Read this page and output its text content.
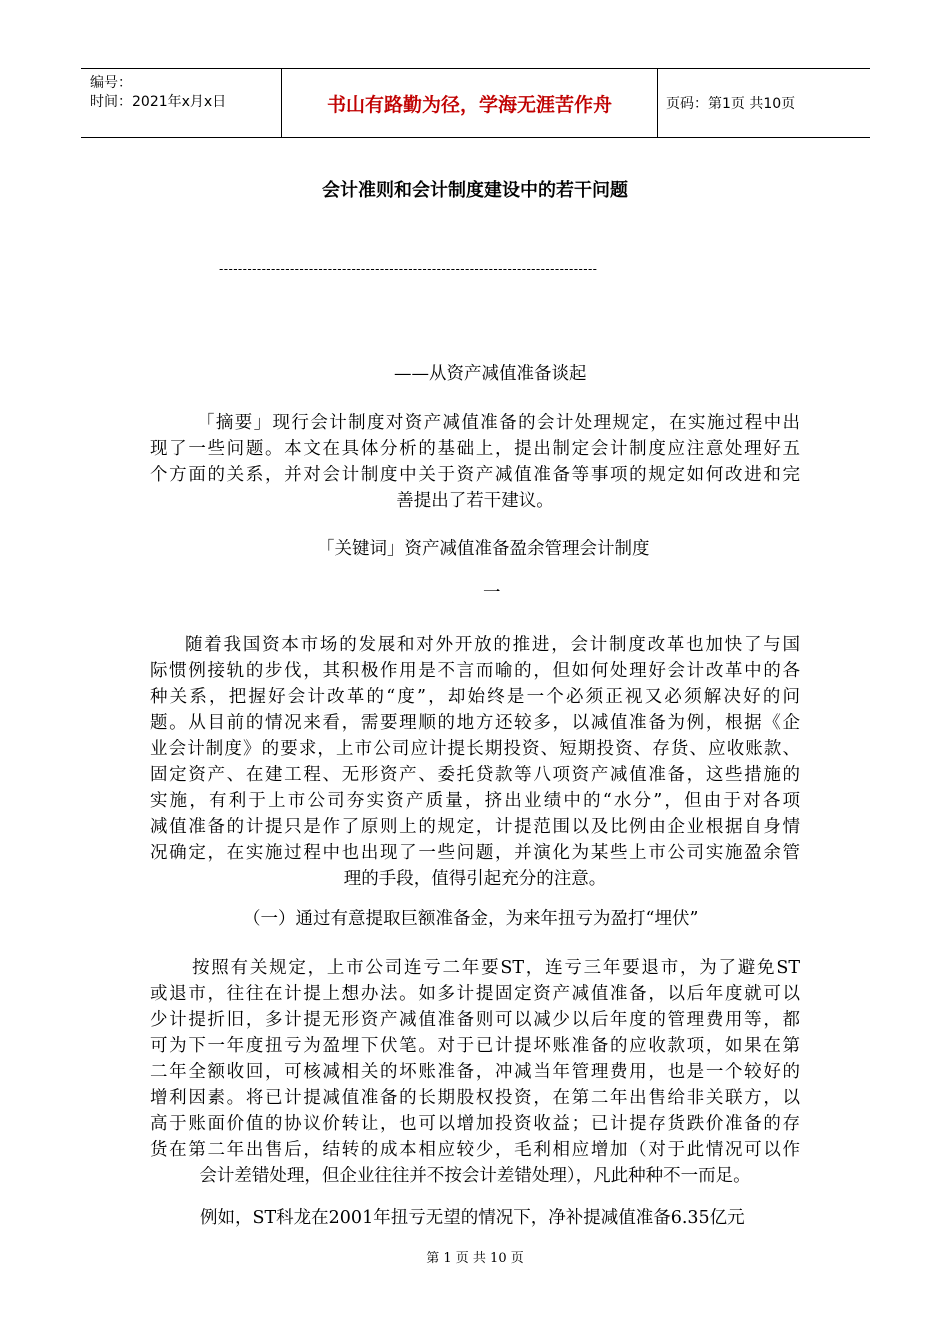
编号：
时间：2021年x月x日	书山有路勤为径，学海无涯苦作舟	页码：第1页 共10页
会计准则和会计制度建设中的若干问题
--------------------------------------------------------------------------------
——从资产减值准备谈起
「摘要」现行会计制度对资产减值准备的会计处理规定，在实施过程中出
现了一些问题。本文在具体分析的基础上，提出制定会计制度应注意处理好五
个方面的关系，并对会计制度中关于资产减值准备等事项的规定如何改进和完
善提出了若干建议。
「关键词」资产减值准备盈余管理会计制度
一
随着我国资本市场的发展和对外开放的推进，会计制度改革也加快了与国
际惯例接轨的步伐，其积极作用是不言而喻的，但如何处理好会计改革中的各
种关系，把握好会计改革的“度”，却始终是一个必须正视又必须解决好的问
题。从目前的情况来看，需要理顺的地方还较多，以减值准备为例，根据《企
业会计制度》的要求，上市公司应计提长期投资、短期投资、存货、应收账款、
固定资产、在建工程、无形资产、委托贷款等八项资产减值准备，这些措施的
实施，有利于上市公司夯实资产质量，挤出业绩中的“水分”，但由于对各项
减值准备的计提只是作了原则上的规定，计提范围以及比例由企业根据自身情
况确定，在实施过程中也出现了一些问题，并演化为某些上市公司实施盈余管
理的手段，值得引起充分的注意。
（一）通过有意提取巨额准备金，为来年扭亏为盈打“埋伏”
按照有关规定，上市公司连亏二年要ST，连亏三年要退市，为了避免ST
或退市，往往在计提上想办法。如多计提固定资产减值准备，以后年度就可以
少计提折旧，多计提无形资产减值准备则可以减少以后年度的管理费用等，都
可为下一年度扭亏为盈埋下伏笔。对于已计提坏账准备的应收款项，如果在第
二年全额收回，可核减相关的坏账准备，冲减当年管理费用，也是一个较好的
增利因素。将已计提减值准备的长期股权投资，在第二年出售给非关联方，以
高于账面价值的协议价转让，也可以增加投资收益；已计提存货跌价准备的存
货在第二年出售后，结转的成本相应较少，毛利相应增加（对于此情况可以作
会计差错处理，但企业往往并不按会计差错处理），凡此种种不一而足。
例如，ST科龙在2001年扭亏无望的情况下，净补提减值准备6.35亿元
第 1 页 共 10 页
